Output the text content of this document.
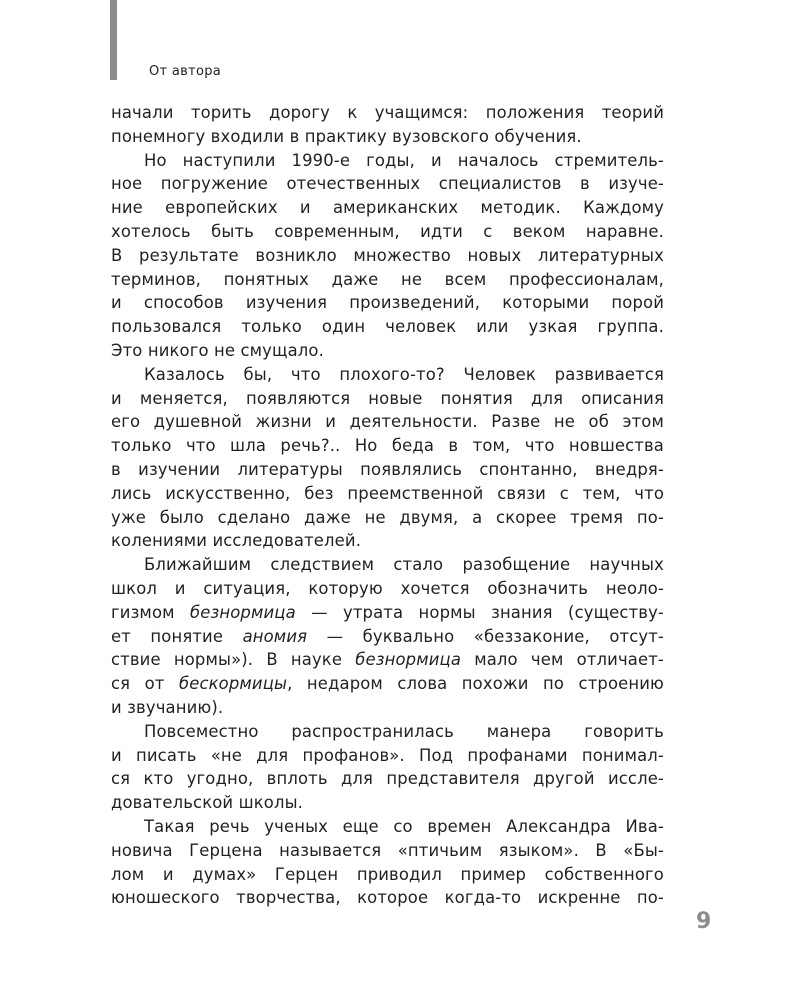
От автора
начали торить дорогу к учащимся: положения теорий
понемногу входили в практику вузовского обучения.
Но наступили 1990-е годы, и началось стремитель-
ное погружение отечественных специалистов в изуче-
ние европейских и американских методик. Каждому
хотелось быть современным, идти с веком наравне.
В результате возникло множество новых литературных
терминов, понятных даже не всем профессионалам,
и способов изучения произведений, которыми порой
пользовался только один человек или узкая группа.
Это никого не смущало.
Казалось бы, что плохого-то? Человек развивается
и меняется, появляются новые понятия для описания
его душевной жизни и деятельности. Разве не об этом
только что шла речь?.. Но беда в том, что новшества
в изучении литературы появлялись спонтанно, внедря-
лись искусственно, без преемственной связи с тем, что
уже было сделано даже не двумя, а скорее тремя по-
колениями исследователей.
Ближайшим следствием стало разобщение научных
школ и ситуация, которую хочется обозначить неоло-
гизмом безнормица — утрата нормы знания (существу-
ет понятие аномия — буквально «беззаконие, отсут-
ствие нормы»). В науке безнормица мало чем отличает-
ся от бескормицы, недаром слова похожи по строению
и звучанию).
Повсеместно распространилась манера говорить
и писать «не для профанов». Под профанами понимал-
ся кто угодно, вплоть для представителя другой иссле-
довательской школы.
Такая речь ученых еще со времен Александра Ива-
новича Герцена называется «птичьим языком». В «Бы-
лом и думах» Герцен приводил пример собственного
юношеского творчества, которое когда-то искренне по-
9
